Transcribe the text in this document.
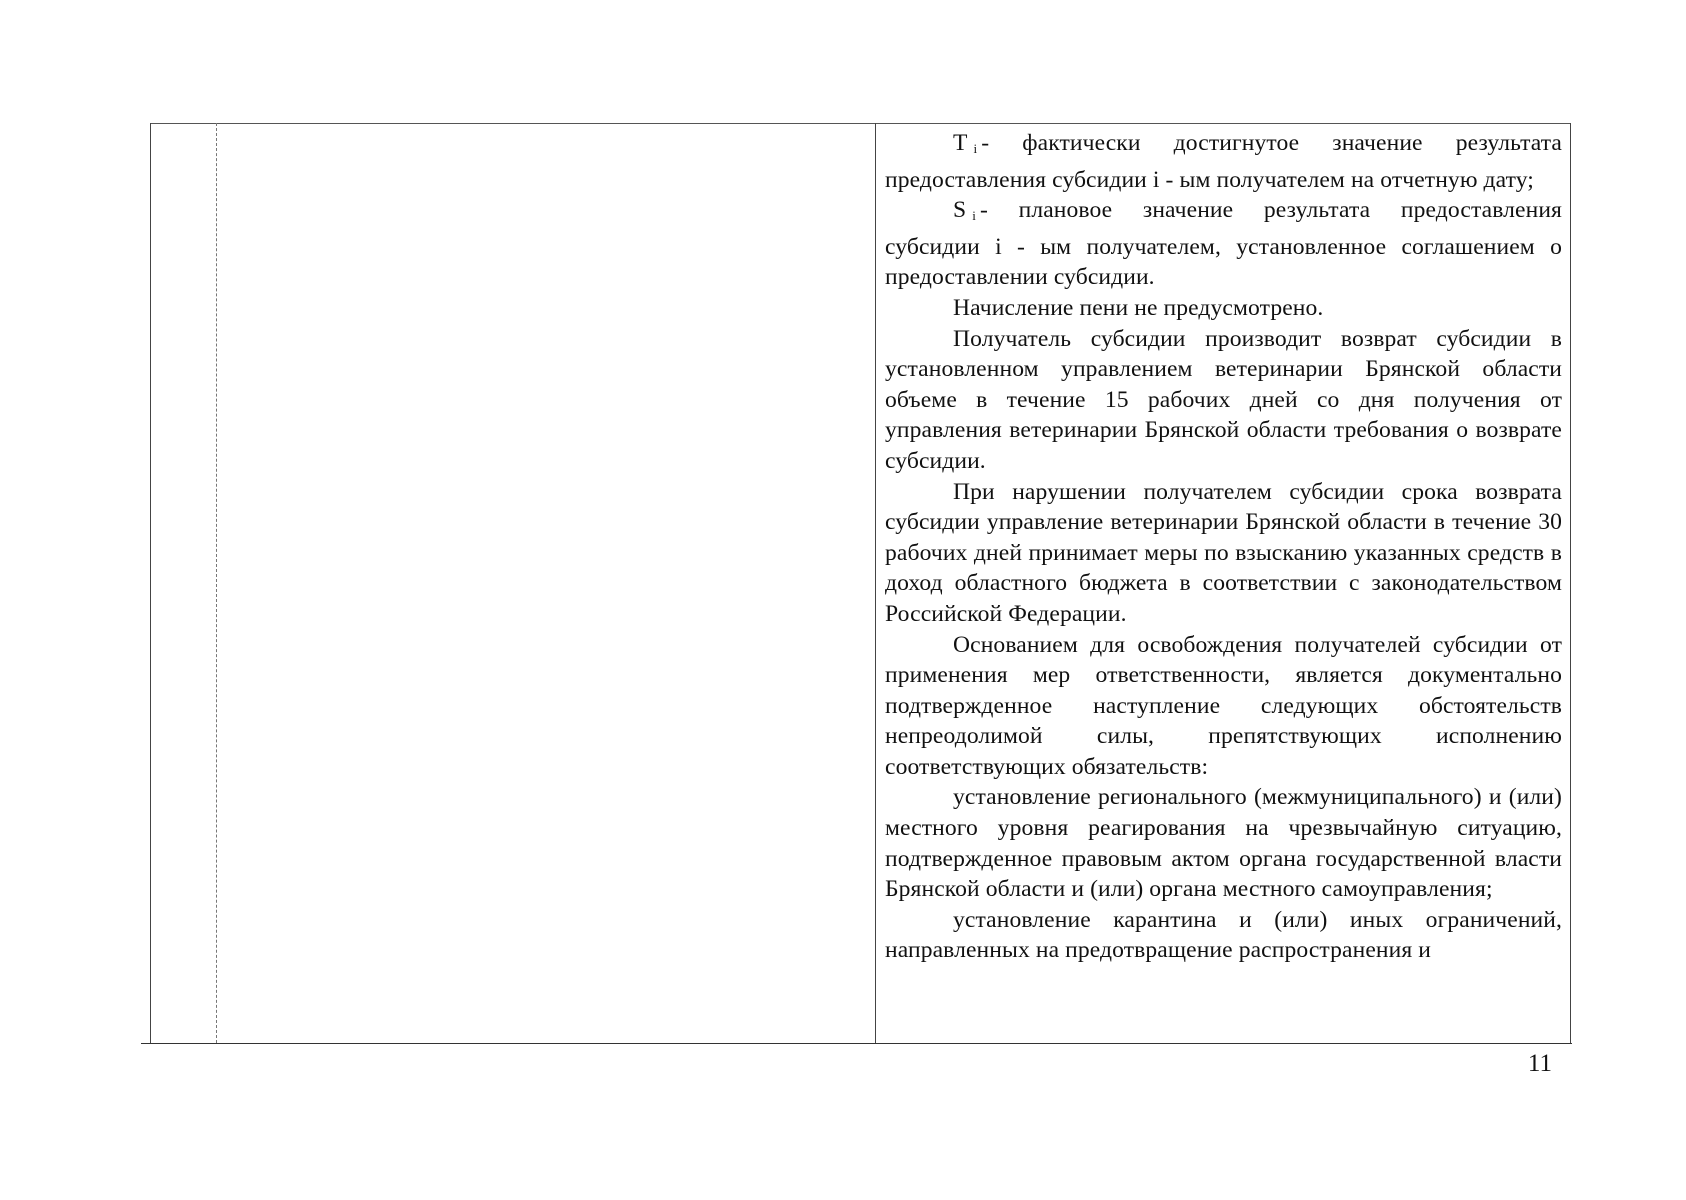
T $_i$ - фактически достигнутое значение результата предоставления субсидии i - ым получателем на отчетную дату;

S $_i$ - плановое значение результата предоставления субсидии i - ым получателем, установленное соглашением о предоставлении субсидии.

Начисление пени не предусмотрено.

Получатель субсидии производит возврат субсидии в установленном управлением ветеринарии Брянской области объеме в течение 15 рабочих дней со дня получения от управления ветеринарии Брянской области требования о возврате субсидии.

При нарушении получателем субсидии срока возврата субсидии управление ветеринарии Брянской области в течение 30 рабочих дней принимает меры по взысканию указанных средств в доход областного бюджета в соответствии с законодательством Российской Федерации.

Основанием для освобождения получателей субсидии от применения мер ответственности, является документально подтвержденное наступление следующих обстоятельств непреодолимой силы, препятствующих исполнению соответствующих обязательств:

установление регионального (межмуниципального) и (или) местного уровня реагирования на чрезвычайную ситуацию, подтвержденное правовым актом органа государственной власти Брянской области и (или) органа местного самоуправления;

установление карантина и (или) иных ограничений, направленных на предотвращение распространения и

11
